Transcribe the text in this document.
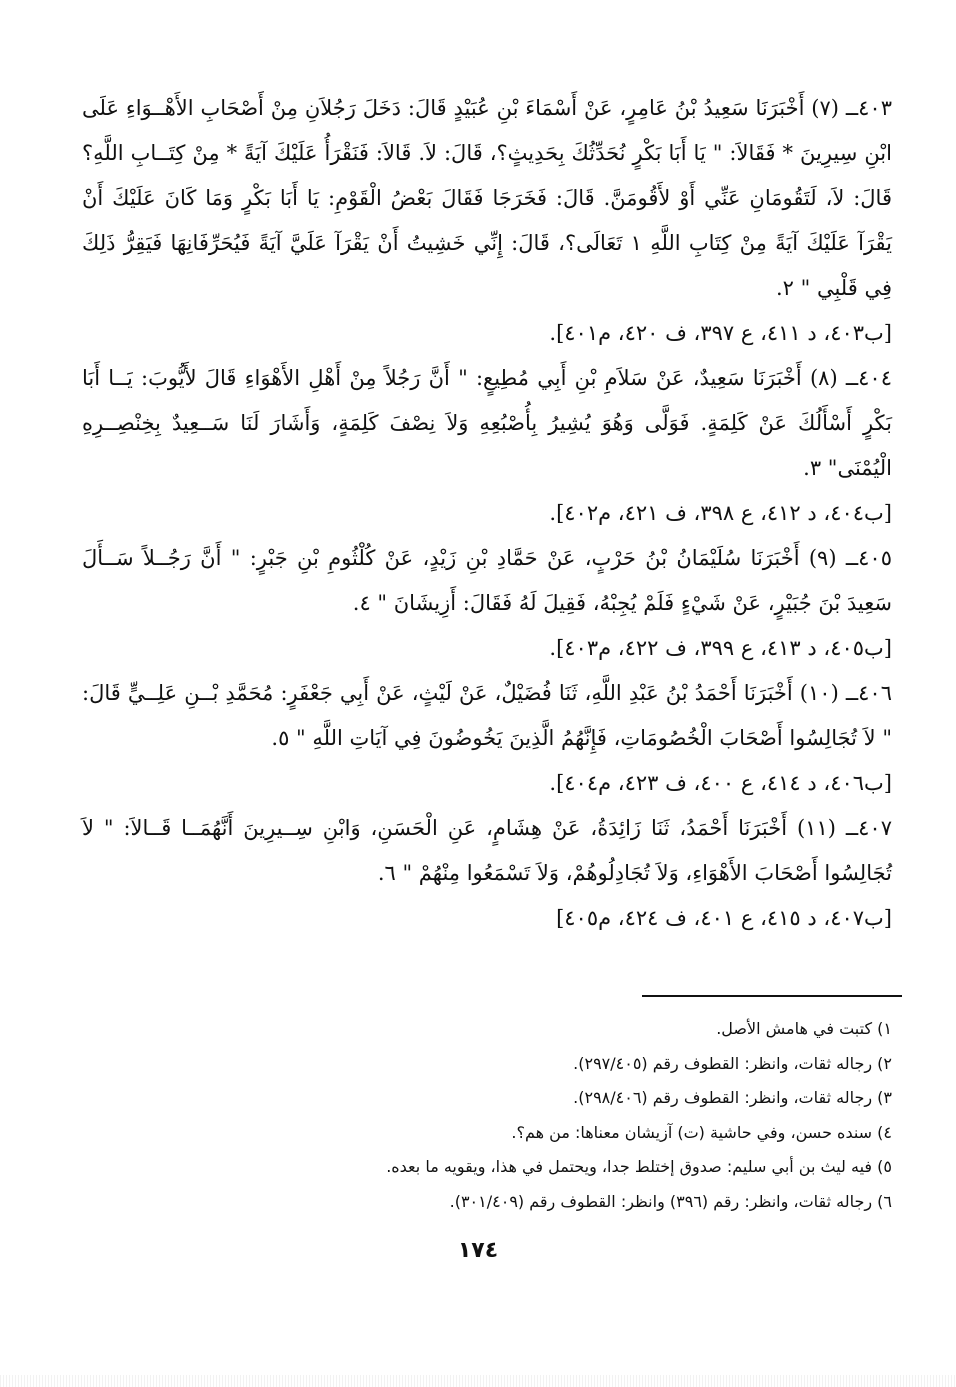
٤٠٣ــ (٧) أَخْبَرَنَا سَعِيدُ بْنُ عَامِرٍ، عَنْ أَسْمَاءَ بْنِ عُبَيْدٍ قَالَ: دَخَلَ رَجُلاَنِ مِنْ أَصْحَابِ الأَهْــوَاءِ عَلَى ابْنِ سِيرِينَ * فَقَالاَ: " يَا أَبَا بَكْرٍ نُحَدِّثُكَ بِحَدِيثٍ؟، قَالَ: لاَ. قَالاَ: فَنَقْرَأُ عَلَيْكَ آيَةً * مِنْ كِتَــابِ اللَّهِ؟ قَالَ: لاَ، لَتَقُومَانِ عَنِّي أَوْ لأَقُومَنَّ. قَالَ: فَخَرَجَا فَقَالَ بَعْضُ الْقَوْمِ: يَا أَبَا بَكْرٍ وَمَا كَانَ عَلَيْكَ أَنْ يَقْرَآ عَلَيْكَ آيَةً مِنْ كِتَابِ اللَّهِ ١ تَعَالَى؟، قَالَ: إِنِّي خَشِيتُ أَنْ يَقْرَآ عَلَيَّ آيَةً فَيُحَرِّفَانِهَا فَيَقِرُّ ذَلِكَ فِي قَلْبِي " ٢.

[ب٤٠٣، د ٤١١، ع ٣٩٧، ف ٤٢٠، م٤٠١].

٤٠٤ــ (٨) أَخْبَرَنَا سَعِيدٌ، عَنْ سَلاَمِ بْنِ أَبِي مُطِيعٍ: " أَنَّ رَجُلاً مِنْ أَهْلِ الأَهْوَاءِ قَالَ لأَيُّوبَ: يَــا أَبَا بَكْرٍ أَسْأَلُكَ عَنْ كَلِمَةٍ. فَوَلَّى وَهُوَ يُشِيرُ بِأُصْبُعِهِ وَلاَ نِصْفَ كَلِمَةٍ، وَأَشَارَ لَنَا سَــعِيدٌ بِخِنْصِــرِهِ الْيُمْنَى" ٣.

[ب٤٠٤، د ٤١٢، ع ٣٩٨، ف ٤٢١، م٤٠٢].

٤٠٥ــ (٩) أَخْبَرَنَا سُلَيْمَانُ بْنُ حَرْبٍ، عَنْ حَمَّادِ بْنِ زَيْدٍ، عَنْ كُلْثُومِ بْنِ جَبْرٍ: " أَنَّ رَجُــلاً سَــأَلَ سَعِيدَ بْنَ جُبَيْرٍ، عَنْ شَيْءٍ فَلَمْ يُجِبْهُ، فَقِيلَ لَهُ فَقَالَ: أَزِيشَانَ " ٤.

[ب٤٠٥، د ٤١٣، ع ٣٩٩، ف ٤٢٢، م٤٠٣].

٤٠٦ــ (١٠) أَخْبَرَنَا أَحْمَدُ بْنُ عَبْدِ اللَّهِ، ثَنَا فُضَيْلٌ، عَنْ لَيْثٍ، عَنْ أَبِي جَعْفَرٍ: مُحَمَّدِ بْــنِ عَلِــيٍّ قَالَ: " لاَ تُجَالِسُوا أَصْحَابَ الْخُصُومَاتِ، فَإِنَّهُمُ الَّذِينَ يَخُوضُونَ فِي آيَاتِ اللَّهِ " ٥.

[ب٤٠٦، د ٤١٤، ع ٤٠٠، ف ٤٢٣، م٤٠٤].

٤٠٧ــ (١١) أَخْبَرَنَا أَحْمَدُ، ثَنَا زَائِدَةُ، عَنْ هِشَامٍ، عَنِ الْحَسَنِ، وَابْنِ سِــيرِينَ أَنَّهُمَــا قَــالاَ: " لاَ تُجَالِسُوا أَصْحَابَ الأَهْوَاءِ، وَلاَ تُجَادِلُوهُمْ، وَلاَ تَسْمَعُوا مِنْهُمْ " ٦.

[ب٤٠٧، د ٤١٥، ع ٤٠١، ف ٤٢٤، م٤٠٥]

١) كتبت في هامش الأصل.

٢) رجاله ثقات، وانظر: القطوف رقم (٢٩٧/٤٠٥).

٣) رجاله ثقات، وانظر: القطوف رقم (٢٩٨/٤٠٦).

٤) سنده حسن، وفي حاشية (ت) آزيشان معناها: من هم؟.

٥) فيه ليث بن أبي سليم: صدوق إختلط جدا، ويحتمل في هذا، ويقويه ما بعده.

٦) رجاله ثقات، وانظر: رقم (٣٩٦) وانظر: القطوف رقم (٣٠١/٤٠٩).

١٧٤
